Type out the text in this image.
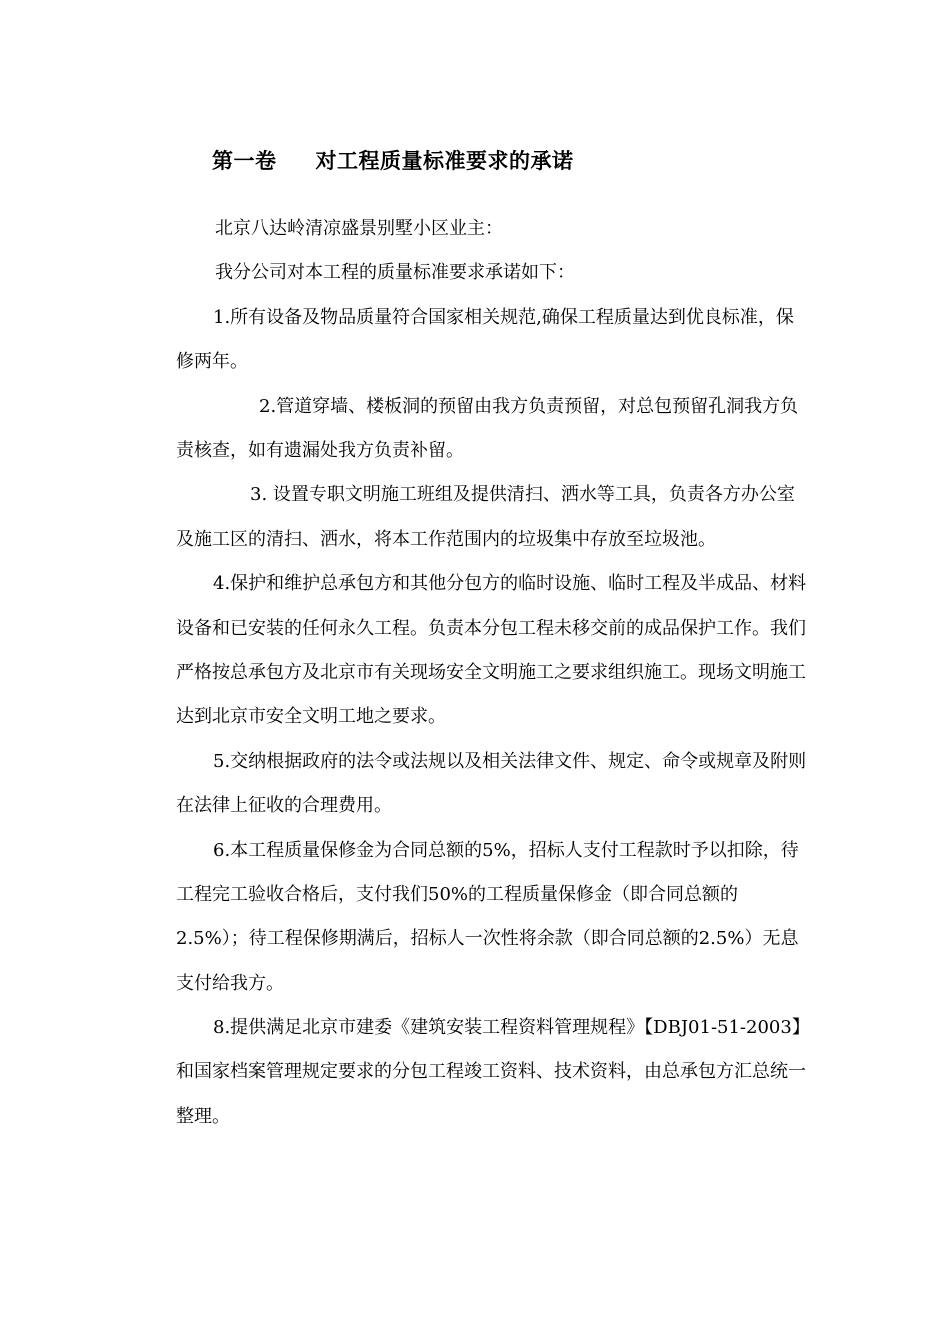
第一卷     对工程质量标准要求的承诺
北京八达岭清凉盛景别墅小区业主：
我分公司对本工程的质量标准要求承诺如下：
1.所有设备及物品质量符合国家相关规范,确保工程质量达到优良标准，保
修两年。
2.管道穿墙、楼板洞的预留由我方负责预留，对总包预留孔洞我方负
责核查，如有遗漏处我方负责补留。
3. 设置专职文明施工班组及提供清扫、洒水等工具，负责各方办公室
及施工区的清扫、洒水，将本工作范围内的垃圾集中存放至垃圾池。
4.保护和维护总承包方和其他分包方的临时设施、临时工程及半成品、材料
设备和已安装的任何永久工程。负责本分包工程未移交前的成品保护工作。我们
严格按总承包方及北京市有关现场安全文明施工之要求组织施工。现场文明施工
达到北京市安全文明工地之要求。
5.交纳根据政府的法令或法规以及相关法律文件、规定、命令或规章及附则
在法律上征收的合理费用。
6.本工程质量保修金为合同总额的5%，招标人支付工程款时予以扣除，待
工程完工验收合格后，支付我们50%的工程质量保修金（即合同总额的
2.5%）；待工程保修期满后，招标人一次性将余款（即合同总额的2.5%）无息
支付给我方。
8.提供满足北京市建委《建筑安装工程资料管理规程》【DBJ01-51-2003】
和国家档案管理规定要求的分包工程竣工资料、技术资料，由总承包方汇总统一
整理。
